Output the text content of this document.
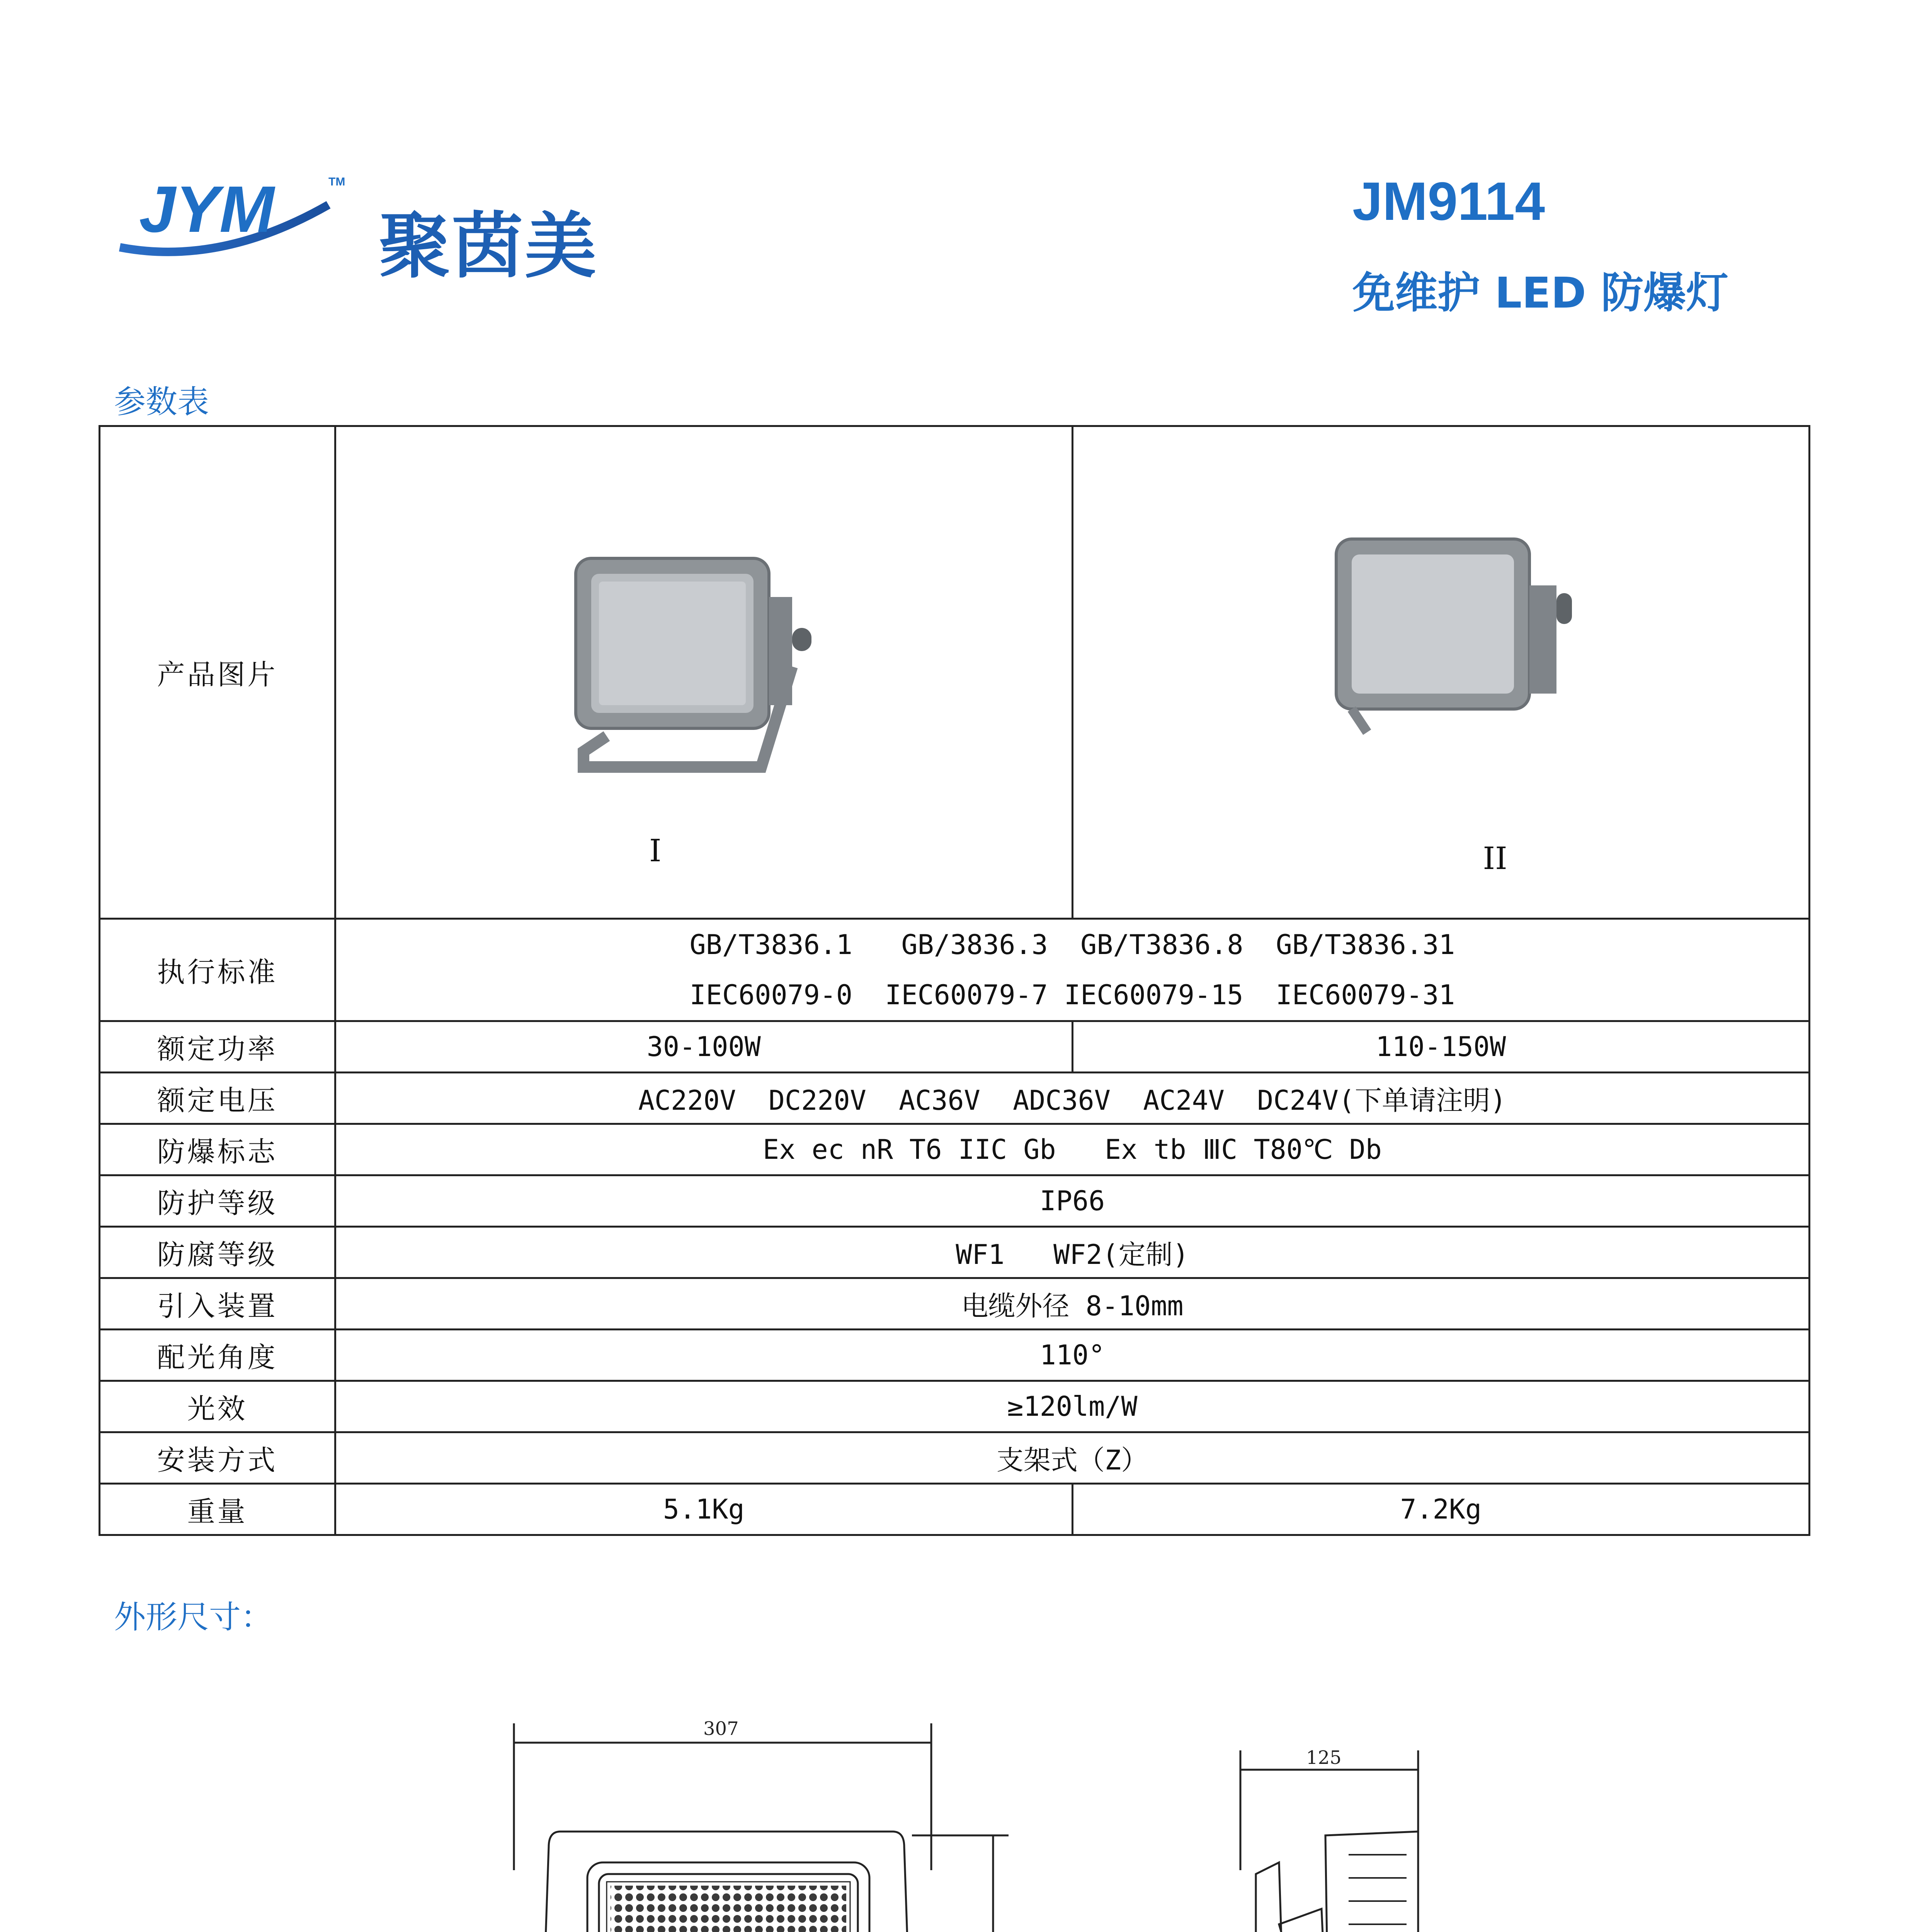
JYM	TM
聚茵美
JM9114
免维护 LED 防爆灯
参数表
产品图片	I	II

执行标准	GB/T3836.1   GB/3836.3  GB/T3836.8  GB/T3836.31
IEC60079-0  IEC60079-7 IEC60079-15  IEC60079-31	

额定功率	30-100W	110-150W
额定电压	AC220V  DC220V  AC36V  ADC36V  AC24V  DC24V(下单请注明)	
防爆标志	Ex ec nR T6 IIC Gb   Ex tb ⅢC T80℃ Db	
防护等级	IP66	
防腐等级	WF1   WF2(定制)	
引入装置	电缆外径 8-10mm	
配光角度	110°	
光效	≥120lm/W	
安装方式	支架式（Z）	
重量	5.1Kg	7.2Kg
外形尺寸：
307
125
